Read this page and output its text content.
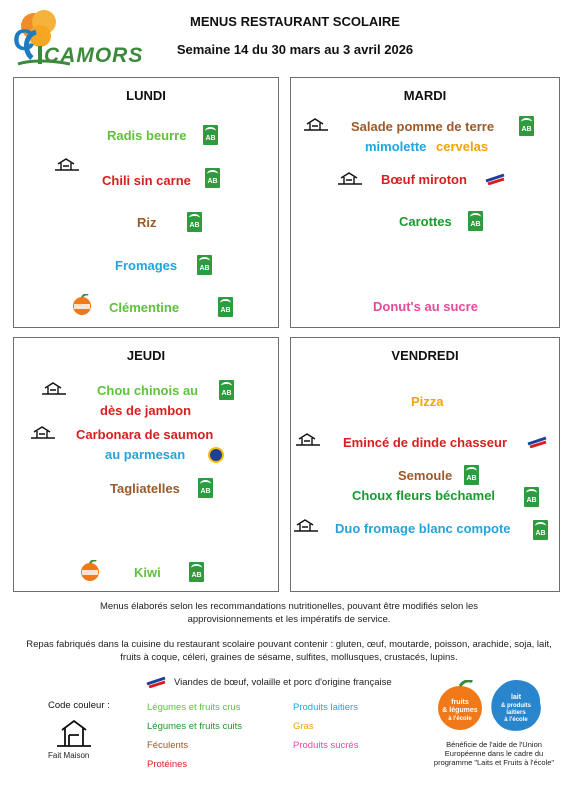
C CAMORS
MENUS RESTAURANT SCOLAIRE
Semaine 14 du 30 mars au 3 avril 2026
LUNDI
Radis beurre
AB
Chili sin carne
AB
Riz
AB
Fromages
AB
Clémentine
AB
MARDI
Salade pomme de terre
AB
mimolette cervelas
Bœuf miroton
Carottes
AB
Donut's au sucre
JEUDI
Chou chinois au
AB
dès de jambon
Carbonara de saumon
au parmesan
Tagliatelles
AB
Kiwi
AB
VENDREDI
Pizza
Emincé de dinde chasseur
Semoule
AB
Choux fleurs béchamel
AB
Duo fromage blanc compote
AB
Menus élaborés selon les recommandations nutritionelles, pouvant être modifiés selon les approvisionnements et les impératifs de service.
Repas fabriqués dans la cuisine du restaurant scolaire pouvant contenir : gluten, œuf, moutarde, poisson, arachide, soja, lait, fruits à coque, céleri, graines de sésame, sulfites, mollusques, crustacés, lupins.
Viandes de bœuf, volaille et porc d'origine française
Code couleur :
Fait Maison
Légumes et fruits crus
Légumes et fruits cuits
Féculents
Protéines
Produits laitiers
Gras
Produits sucrés
fruits
& légumes
à l'école
lait
& produits
laitiers
à l'école
Bénéficie de l'aide de l'Union Européenne dans le cadre du programme "Laits et Fruits à l'école"
